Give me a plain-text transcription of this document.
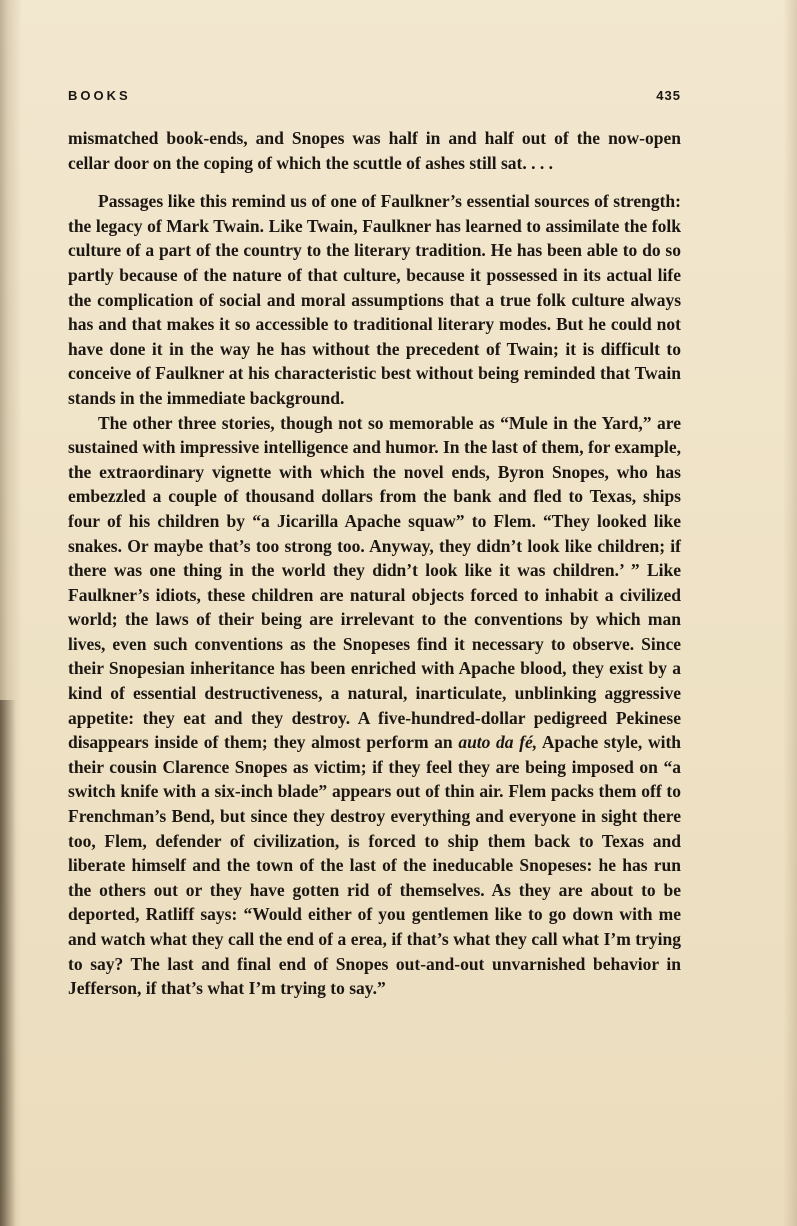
BOOKS	435

mismatched book-ends, and Snopes was half in and half out of the now-open cellar door on the coping of which the scuttle of ashes still sat. . . .

Passages like this remind us of one of Faulkner’s essential sources of strength: the legacy of Mark Twain. Like Twain, Faulkner has learned to assimilate the folk culture of a part of the country to the literary tradition. He has been able to do so partly because of the nature of that culture, because it possessed in its actual life the complication of social and moral assumptions that a true folk culture always has and that makes it so accessible to traditional literary modes. But he could not have done it in the way he has without the precedent of Twain; it is difficult to conceive of Faulkner at his characteristic best without being reminded that Twain stands in the immediate background.

The other three stories, though not so memorable as “Mule in the Yard,” are sustained with impressive intelligence and humor. In the last of them, for example, the extraordinary vignette with which the novel ends, Byron Snopes, who has embezzled a couple of thousand dollars from the bank and fled to Texas, ships four of his children by “a Jicarilla Apache squaw” to Flem. “They looked like snakes. Or maybe that’s too strong too. Anyway, they didn’t look like children; if there was one thing in the world they didn’t look like it was children.’ ” Like Faulkner’s idiots, these children are natural objects forced to inhabit a civilized world; the laws of their being are irrelevant to the conventions by which man lives, even such conventions as the Snopeses find it necessary to observe. Since their Snopesian inheritance has been enriched with Apache blood, they exist by a kind of essential destructiveness, a natural, inarticulate, unblinking aggressive appetite: they eat and they destroy. A five-hundred-dollar pedigreed Pekinese disappears inside of them; they almost perform an auto da fé, Apache style, with their cousin Clarence Snopes as victim; if they feel they are being imposed on “a switch knife with a six-inch blade” appears out of thin air. Flem packs them off to Frenchman’s Bend, but since they destroy everything and everyone in sight there too, Flem, defender of civilization, is forced to ship them back to Texas and liberate himself and the town of the last of the ineducable Snopeses: he has run the others out or they have gotten rid of themselves. As they are about to be deported, Ratliff says: “Would either of you gentlemen like to go down with me and watch what they call the end of a erea, if that’s what they call what I’m trying to say? The last and final end of Snopes out-and-out unvarnished behavior in Jefferson, if that’s what I’m trying to say.”
